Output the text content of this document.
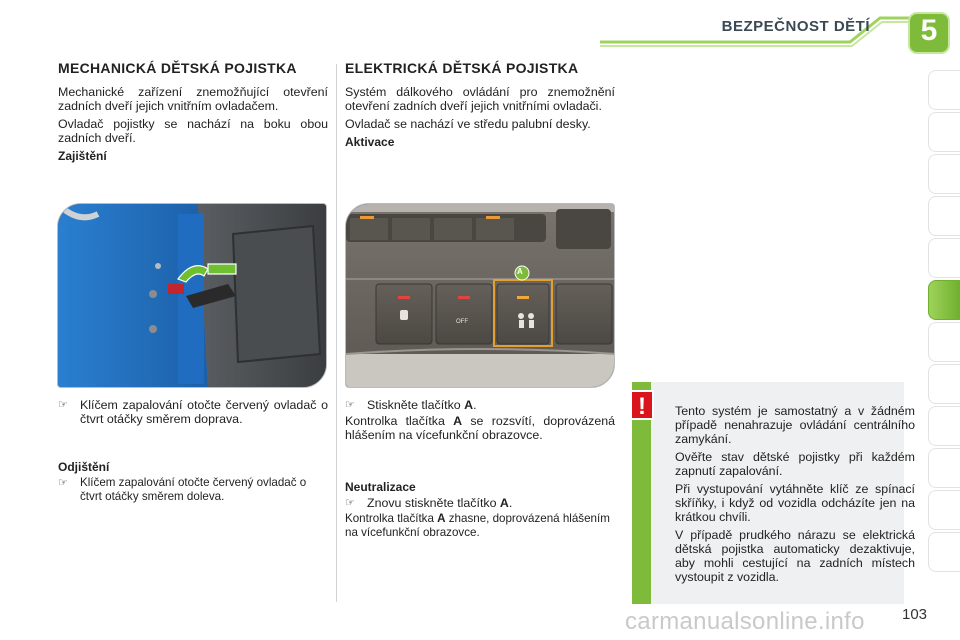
BEZPEČNOST DĚTÍ	5
MECHANICKÁ DĚTSKÁ POJISTKA
Mechanické zařízení znemožňující otevření zadních dveří jejich vnitřním ovladačem.
Ovladač pojistky se nachází na boku obou zadních dveří.
Zajištění
☞ Klíčem zapalování otočte červený ovladač o čtvrt otáčky směrem doprava.
Odjištění
☞ Klíčem zapalování otočte červený ovladač o čtvrt otáčky směrem doleva.
ELEKTRICKÁ DĚTSKÁ POJISTKA
Systém dálkového ovládání pro znemožnění otevření zadních dveří jejich vnitřními ovladači.
Ovladač se nachází ve středu palubní desky.
Aktivace
A
OFF
☞ Stiskněte tlačítko A.
Kontrolka tlačítka A se rozsvítí, doprovázená hlášením na vícefunkční obrazovce.
Neutralizace
☞ Znovu stiskněte tlačítko A.
Kontrolka tlačítka A zhasne, doprovázená hlášením na vícefunkční obrazovce.

Tento systém je samostatný a v žádném případě nenahrazuje ovládání centrálního zamykání.

Ověřte stav dětské pojistky při každém zapnutí zapalování.

Při vystupování vytáhněte klíč ze spínací skříňky, i když od vozidla odcházíte jen na krátkou chvíli.

V případě prudkého nárazu se elektrická dětská pojistka automaticky dezaktivuje, aby mohli cestující na zadních místech vystoupit z vozidla.

!
carmanualsonline.info 103
